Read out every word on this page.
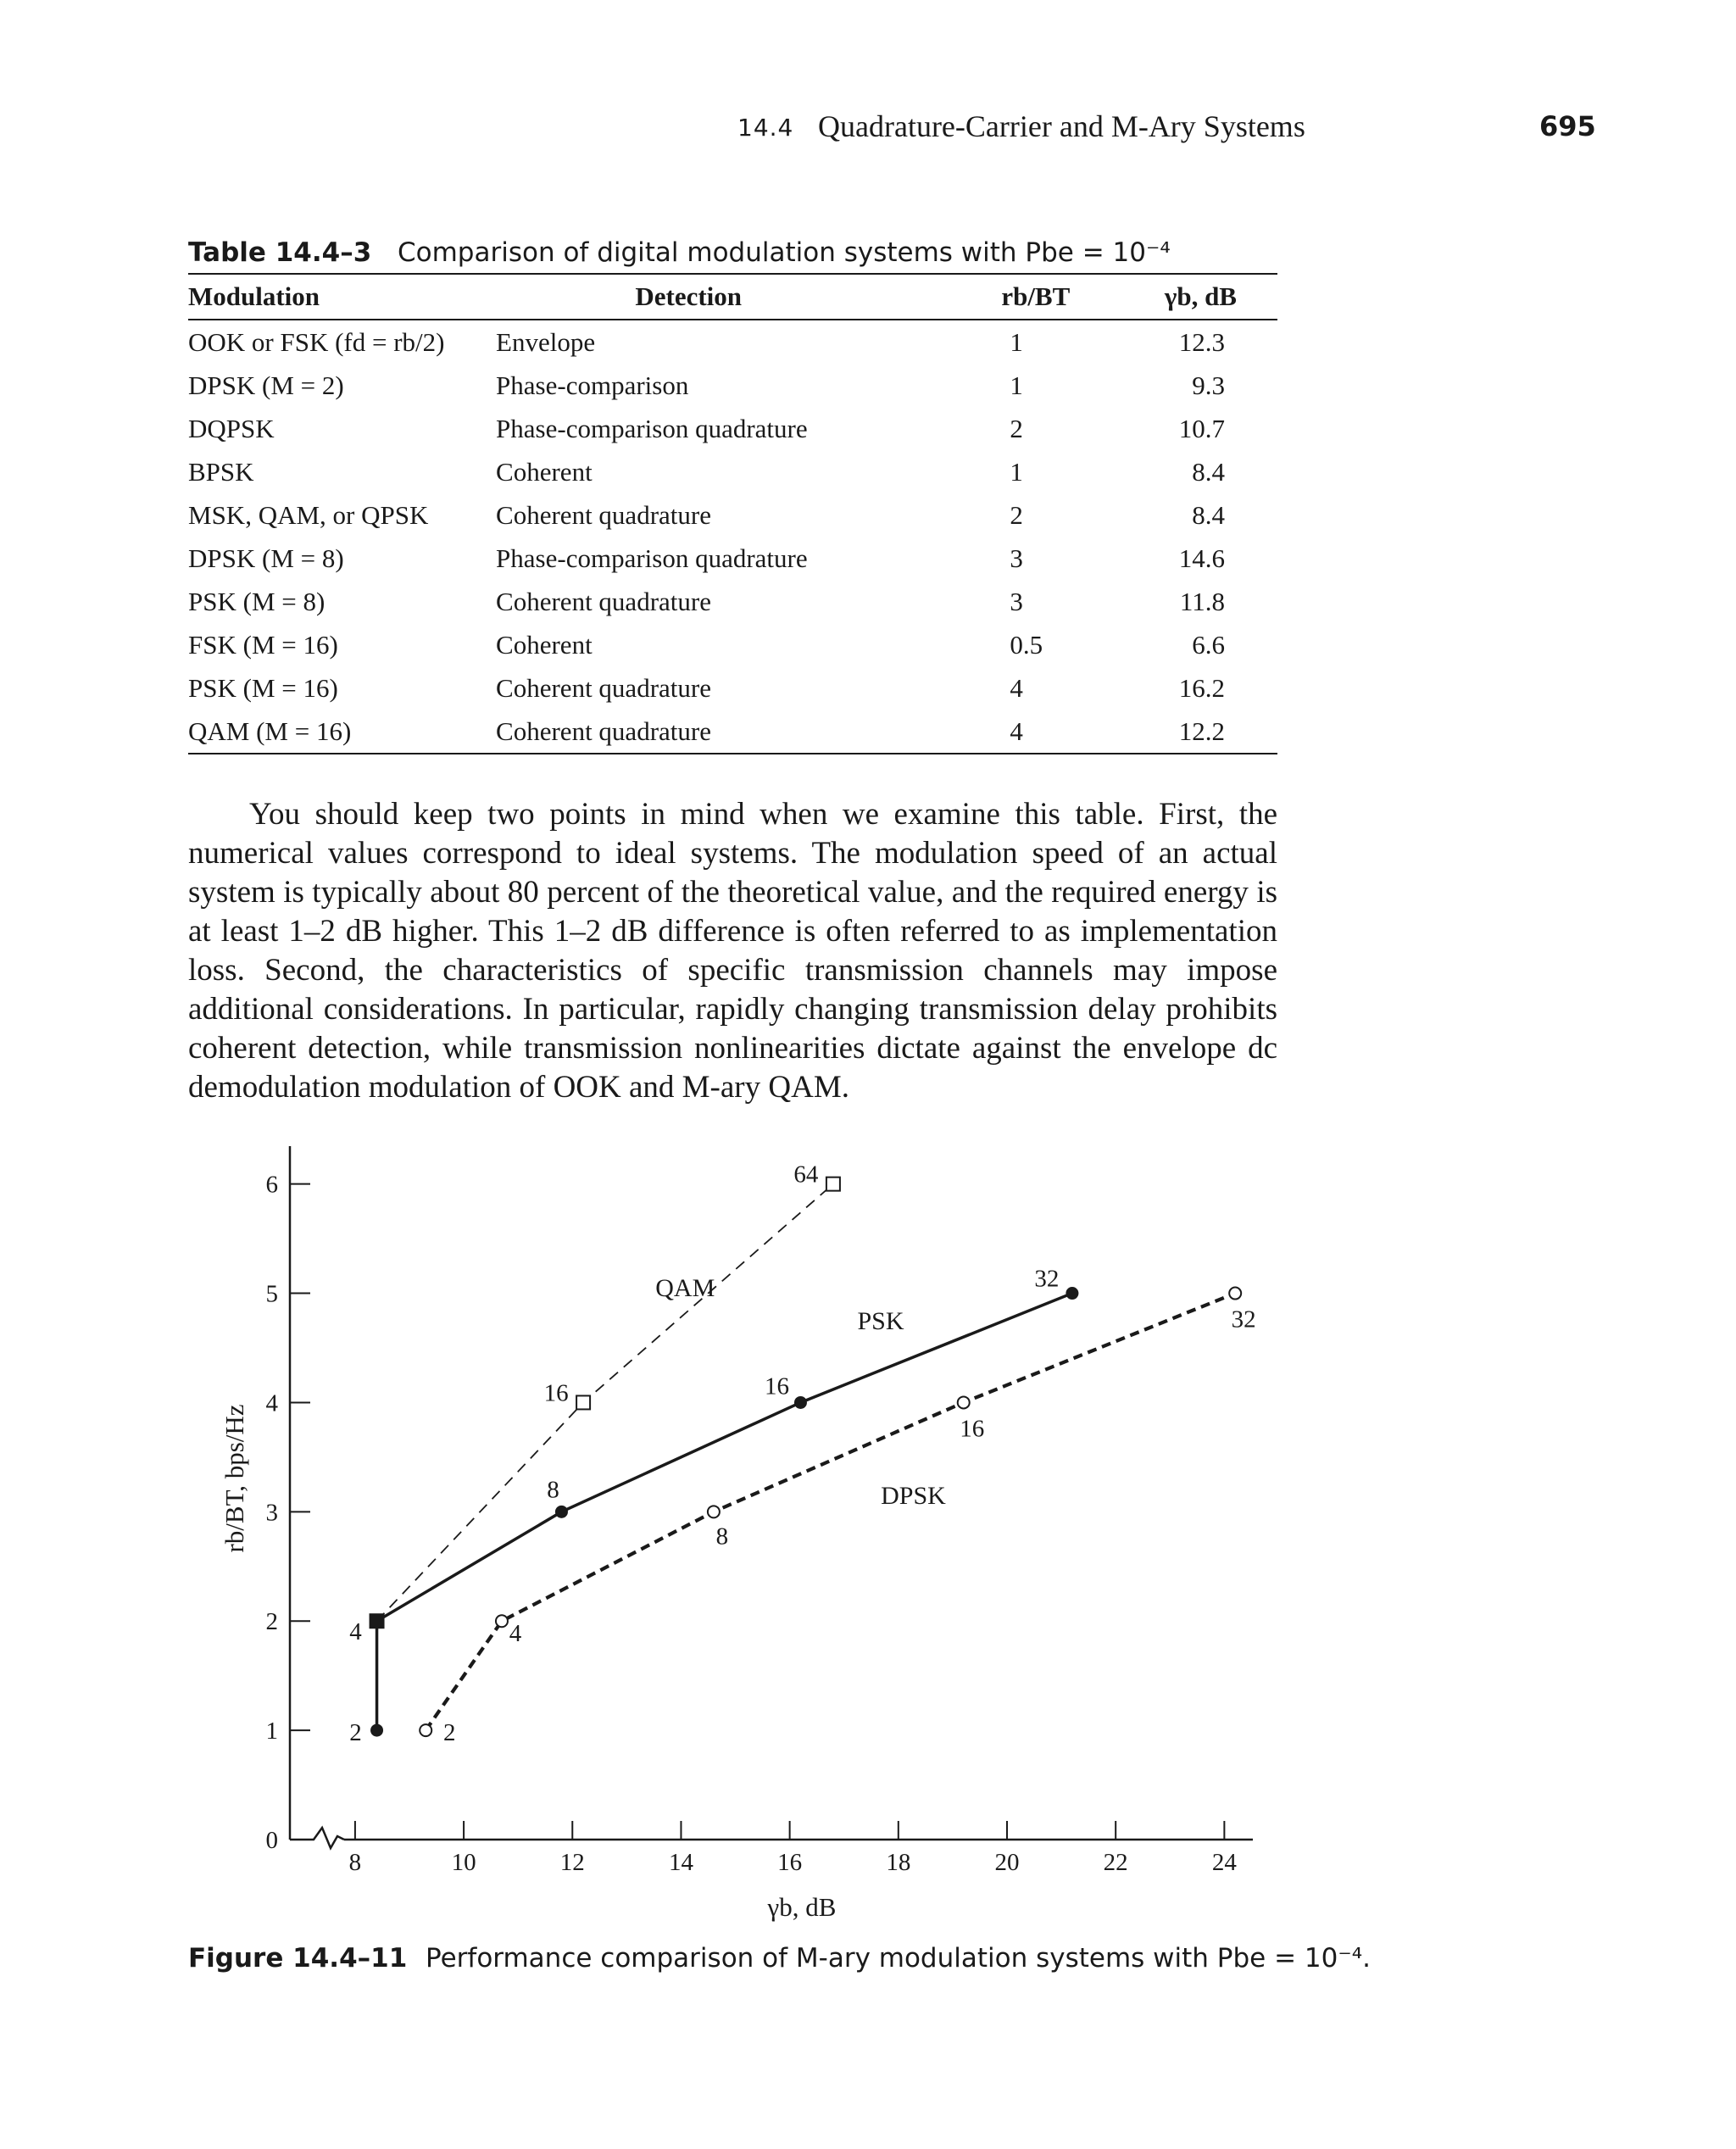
14.4 Quadrature-Carrier and M-Ary Systems	695
Table 14.4–3 Comparison of digital modulation systems with Pbe = 10⁻⁴
Modulation	Detection	rb/BT	γb, dB
OOK or FSK (fd = rb/2)	Envelope	1	12.3
DPSK (M = 2)	Phase-comparison	1	9.3
DQPSK	Phase-comparison quadrature	2	10.7
BPSK	Coherent	1	8.4
MSK, QAM, or QPSK	Coherent quadrature	2	8.4
DPSK (M = 8)	Phase-comparison quadrature	3	14.6
PSK (M = 8)	Coherent quadrature	3	11.8
FSK (M = 16)	Coherent	0.5	6.6
PSK (M = 16)	Coherent quadrature	4	16.2
QAM (M = 16)	Coherent quadrature	4	12.2

You should keep two points in mind when we examine this table. First, the numerical values correspond to ideal systems. The modulation speed of an actual system is typically about 80 percent of the theoretical value, and the required energy is at least 1–2 dB higher. This 1–2 dB difference is often referred to as implementation loss. Second, the characteristics of specific transmission channels may impose additional considerations. In particular, rapidly changing transmission delay prohibits coherent detection, while transmission nonlinearities dictate against the envelope dc demodulation modulation of OOK and M-ary QAM.

0
1
2
3
4
5
6
8	10	12	14	16	18	20	22	24
γb, dB
rb/BT, bps/Hz
16
64
2
4
8
16
32
2
4
8
16
32
QAM
PSK
DPSK
Figure 14.4–11 Performance comparison of M-ary modulation systems with Pbe = 10⁻⁴.
